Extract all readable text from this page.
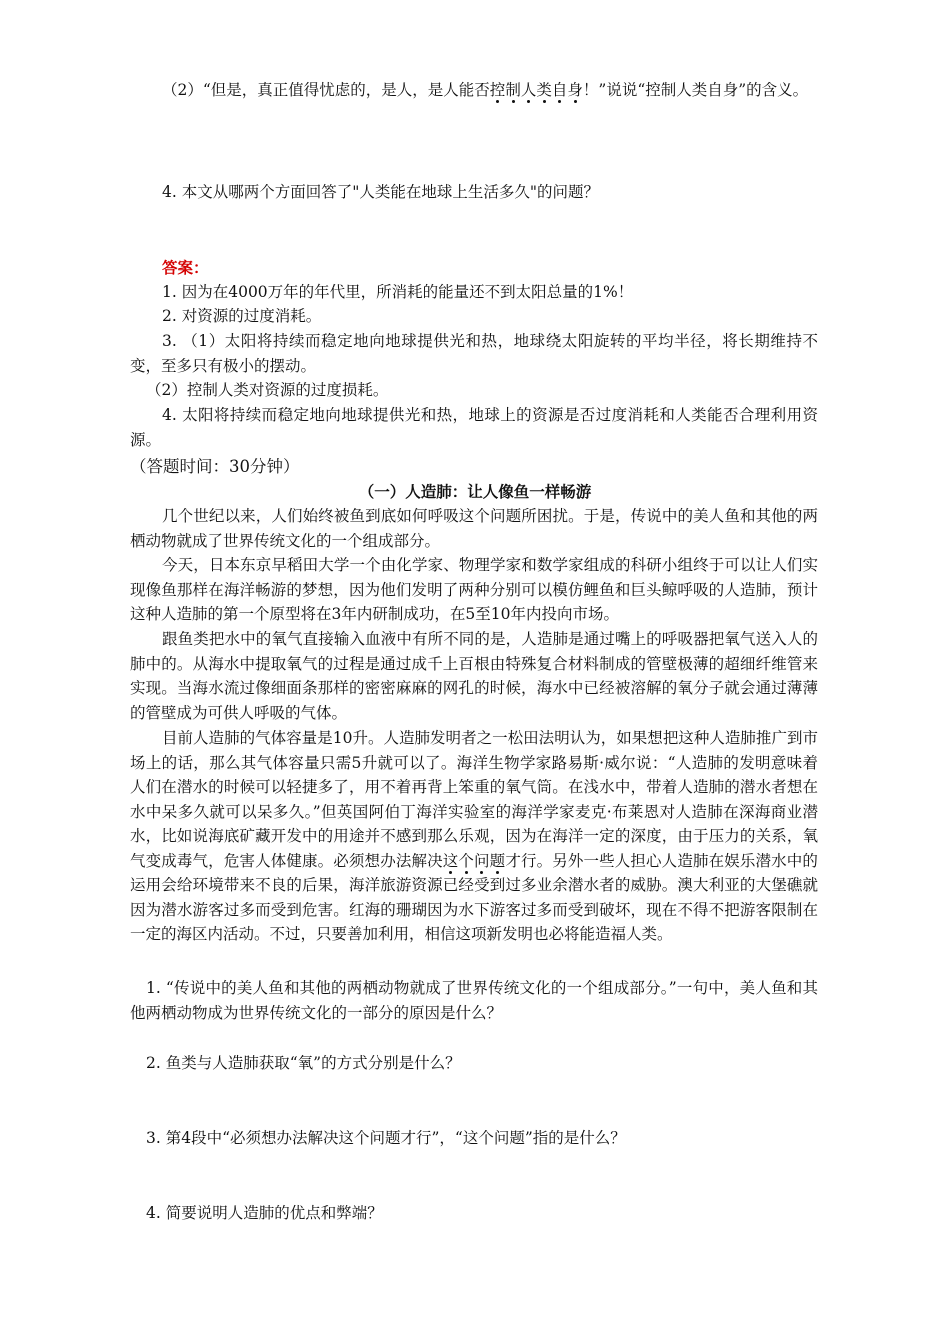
（2）“但是，真正值得忧虑的，是人，是人能否控制人类自身！”说说“控制人类自身”的含义。

4. 本文从哪两个方面回答了"人类能在地球上生活多久"的问题？

答案：

1. 因为在4000万年的年代里，所消耗的能量还不到太阳总量的1%！

2. 对资源的过度消耗。

3. （1）太阳将持续而稳定地向地球提供光和热，地球绕太阳旋转的平均半径，将长期维持不变，至多只有极小的摆动。

（2）控制人类对资源的过度损耗。

4. 太阳将持续而稳定地向地球提供光和热，地球上的资源是否过度消耗和人类能否合理利用资源。

（答题时间：30分钟）
（一）人造肺：让人像鱼一样畅游

几个世纪以来，人们始终被鱼到底如何呼吸这个问题所困扰。于是，传说中的美人鱼和其他的两栖动物就成了世界传统文化的一个组成部分。

今天，日本东京早稻田大学一个由化学家、物理学家和数学家组成的科研小组终于可以让人们实现像鱼那样在海洋畅游的梦想，因为他们发明了两种分别可以模仿鲤鱼和巨头鲸呼吸的人造肺，预计这种人造肺的第一个原型将在3年内研制成功，在5至10年内投向市场。

跟鱼类把水中的氧气直接输入血液中有所不同的是，人造肺是通过嘴上的呼吸器把氧气送入人的肺中的。从海水中提取氧气的过程是通过成千上百根由特殊复合材料制成的管壁极薄的超细纤维管来实现。当海水流过像细面条那样的密密麻麻的网孔的时候，海水中已经被溶解的氧分子就会通过薄薄的管壁成为可供人呼吸的气体。

目前人造肺的气体容量是10升。人造肺发明者之一松田法明认为，如果想把这种人造肺推广到市场上的话，那么其气体容量只需5升就可以了。海洋生物学家路易斯·威尔说：“人造肺的发明意味着人们在潜水的时候可以轻捷多了，用不着再背上笨重的氧气筒。在浅水中，带着人造肺的潜水者想在水中呆多久就可以呆多久。”但英国阿伯丁海洋实验室的海洋学家麦克·布莱恩对人造肺在深海商业潜水，比如说海底矿藏开发中的用途并不感到那么乐观，因为在海洋一定的深度，由于压力的关系，氧气变成毒气，危害人体健康。必须想办法解决这个问题才行。另外一些人担心人造肺在娱乐潜水中的运用会给环境带来不良的后果，海洋旅游资源已经受到过多业余潜水者的威胁。澳大利亚的大堡礁就因为潜水游客过多而受到危害。红海的珊瑚因为水下游客过多而受到破坏，现在不得不把游客限制在一定的海区内活动。不过，只要善加利用，相信这项新发明也必将能造福人类。

1. “传说中的美人鱼和其他的两栖动物就成了世界传统文化的一个组成部分。”一句中，美人鱼和其他两栖动物成为世界传统文化的一部分的原因是什么？

2. 鱼类与人造肺获取“氧”的方式分别是什么？

3. 第4段中“必须想办法解决这个问题才行”，“这个问题”指的是什么？

4. 简要说明人造肺的优点和弊端？
